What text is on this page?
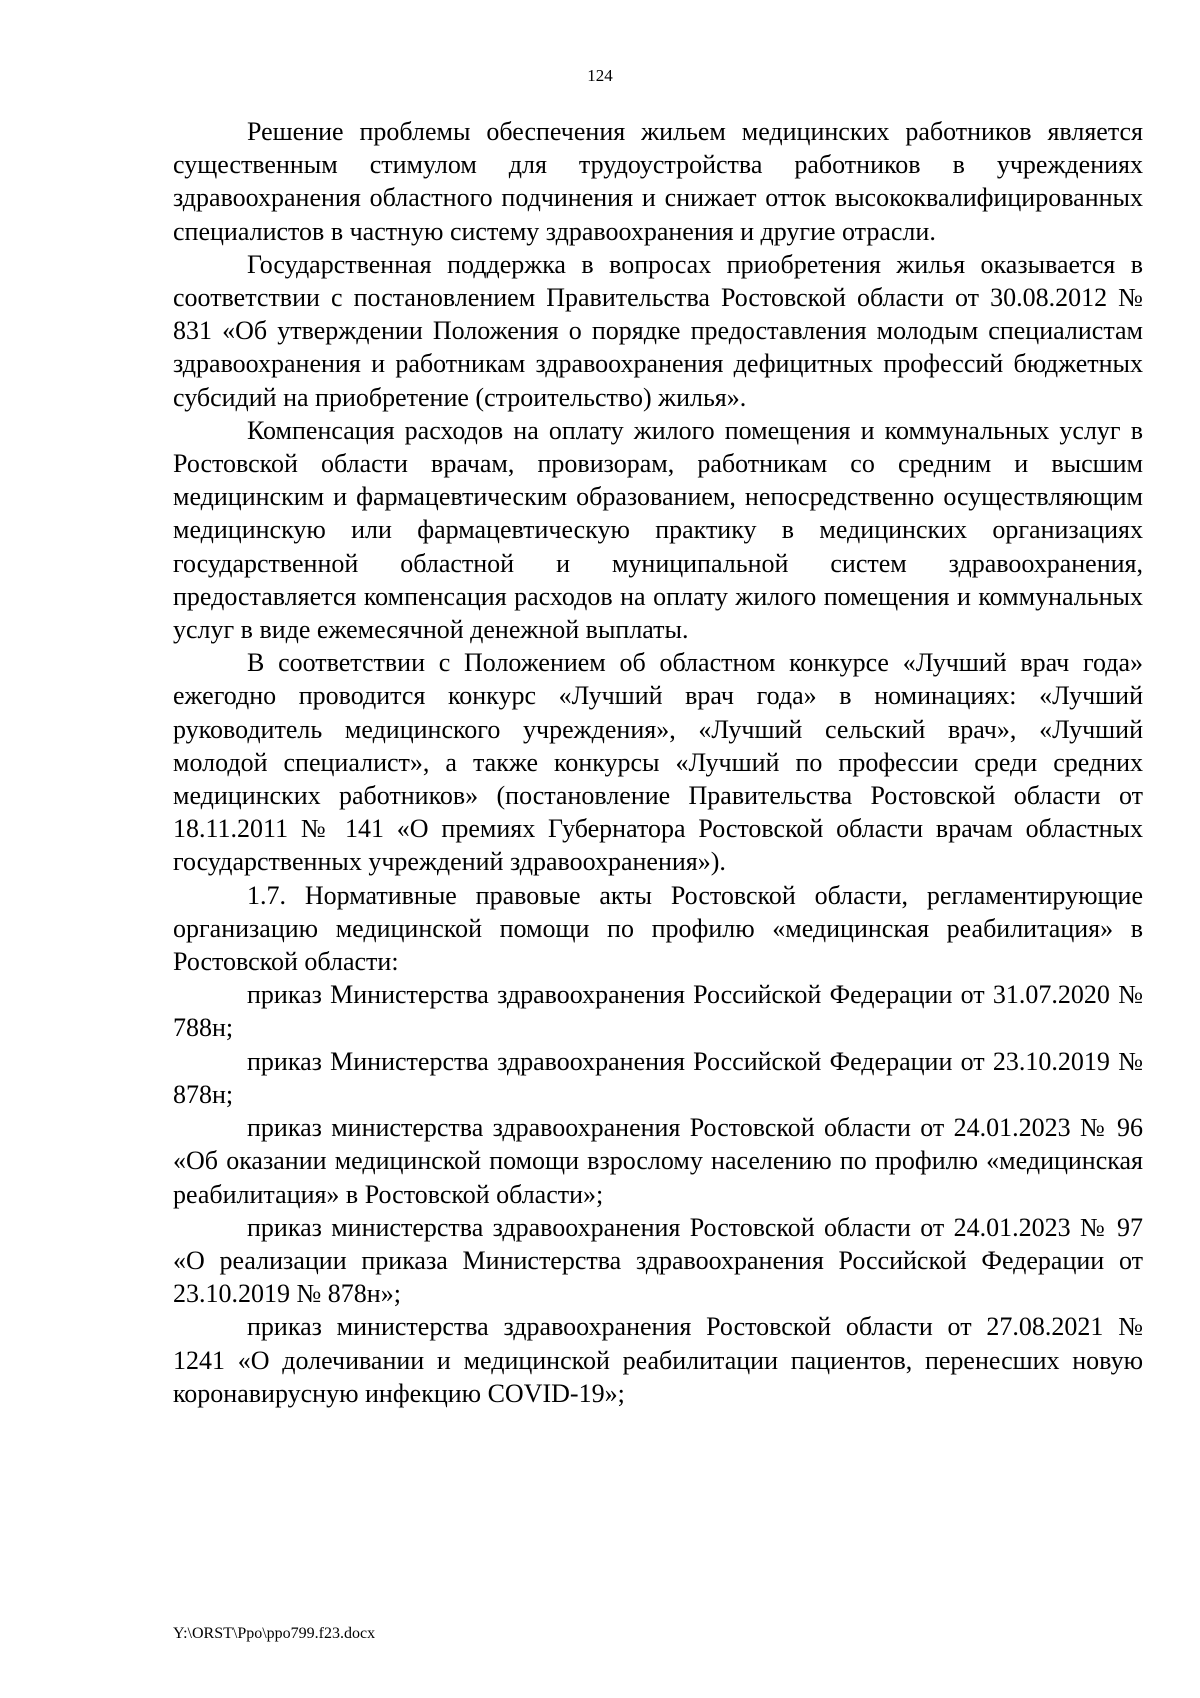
124

Решение проблемы обеспечения жильем медицинских работников является существенным стимулом для трудоустройства работников в учреждениях здравоохранения областного подчинения и снижает отток высококвалифицированных специалистов в частную систему здравоохранения и другие отрасли.

Государственная поддержка в вопросах приобретения жилья оказывается в соответствии с постановлением Правительства Ростовской области от 30.08.2012 № 831 «Об утверждении Положения о порядке предоставления молодым специалистам здравоохранения и работникам здравоохранения дефицитных профессий бюджетных субсидий на приобретение (строительство) жилья».

Компенсация расходов на оплату жилого помещения и коммунальных услуг в Ростовской области врачам, провизорам, работникам со средним и высшим медицинским и фармацевтическим образованием, непосредственно осуществляющим медицинскую или фармацевтическую практику в медицинских организациях государственной областной и муниципальной систем здравоохранения, предоставляется компенсация расходов на оплату жилого помещения и коммунальных услуг в виде ежемесячной денежной выплаты.

В соответствии с Положением об областном конкурсе «Лучший врач года» ежегодно проводится конкурс «Лучший врач года» в номинациях: «Лучший руководитель медицинского учреждения», «Лучший сельский врач», «Лучший молодой специалист», а также конкурсы «Лучший по профессии среди средних медицинских работников» (постановление Правительства Ростовской области от 18.11.2011 № 141 «О премиях Губернатора Ростовской области врачам областных государственных учреждений здравоохранения»).

1.7. Нормативные правовые акты Ростовской области, регламентирующие организацию медицинской помощи по профилю «медицинская реабилитация» в Ростовской области:

приказ Министерства здравоохранения Российской Федерации от 31.07.2020 № 788н;

приказ Министерства здравоохранения Российской Федерации от 23.10.2019 № 878н;

приказ министерства здравоохранения Ростовской области от 24.01.2023 № 96 «Об оказании медицинской помощи взрослому населению по профилю «медицинская реабилитация» в Ростовской области»;

приказ министерства здравоохранения Ростовской области от 24.01.2023 № 97 «О реализации приказа Министерства здравоохранения Российской Федерации от 23.10.2019 № 878н»;

приказ министерства здравоохранения Ростовской области от 27.08.2021 № 1241 «О долечивании и медицинской реабилитации пациентов, перенесших новую коронавирусную инфекцию COVID-19»;

Y:\ORST\Ppo\ppo799.f23.docx
